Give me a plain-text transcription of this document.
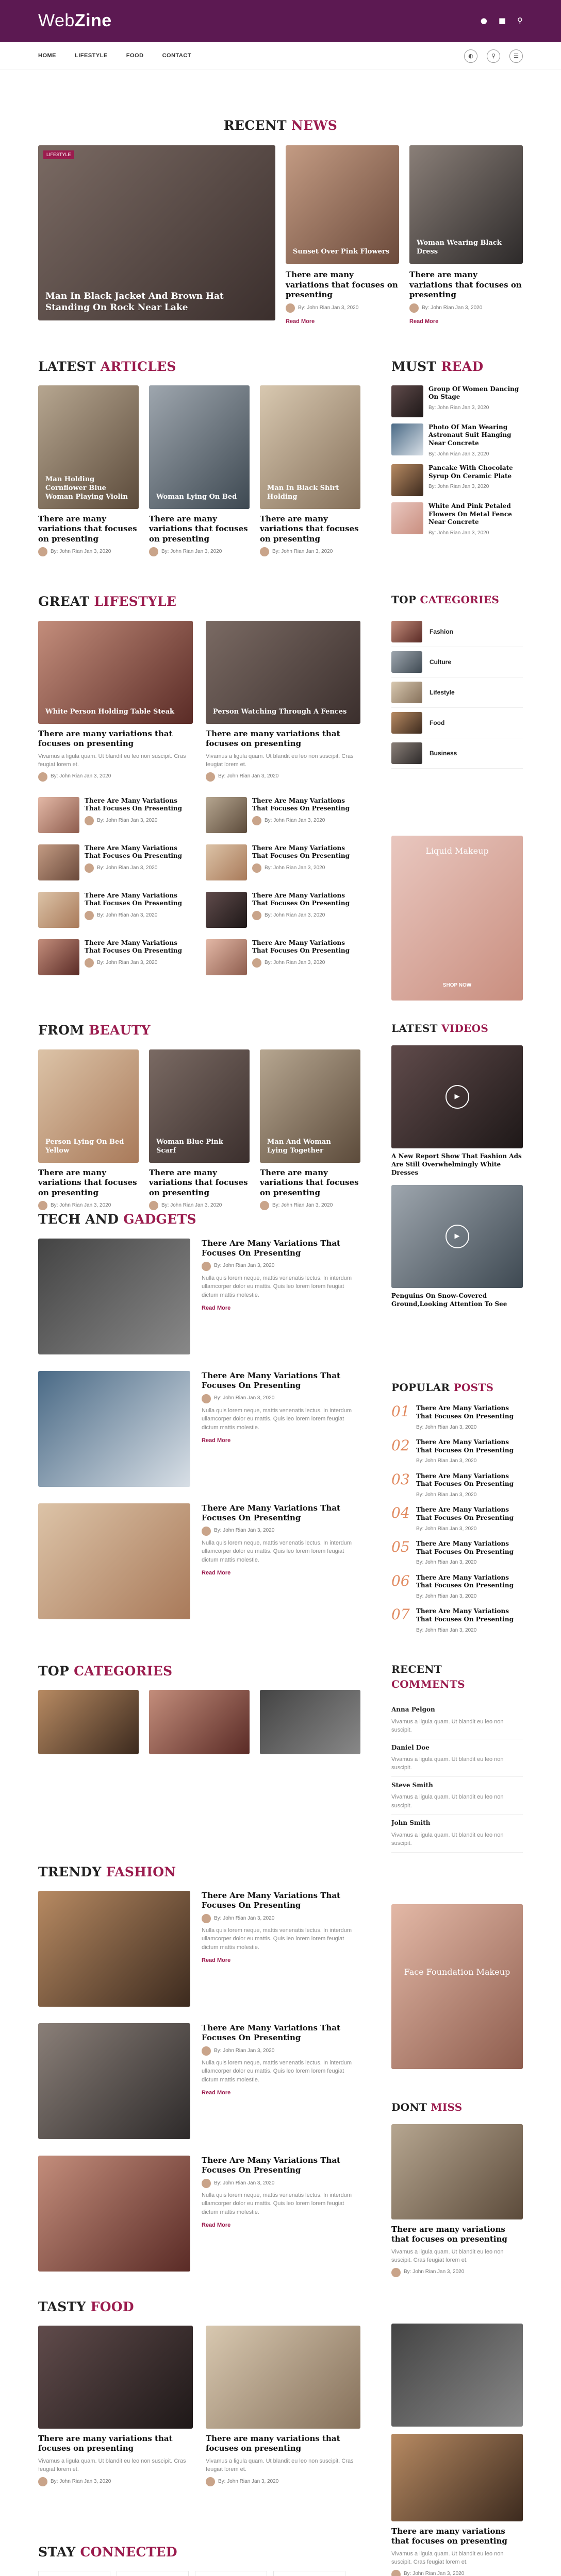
WebZine	● ■ ⚲
HOME	LIFESTYLE	FOOD	CONTACT	◐	⚲	☰
RECENT NEWS
LIFESTYLE
Man In Black Jacket And Brown Hat Standing On Rock Near Lake
Sunset Over Pink Flowers
There are many variations that focuses on presenting
By: John Rian Jan 3, 2020
Read More
Woman Wearing Black Dress
There are many variations that focuses on presenting
By: John Rian Jan 3, 2020
Read More
LATEST ARTICLES
Man Holding Cornflower Blue Woman Playing Violin
There are many variations that focuses on presenting
By: John Rian Jan 3, 2020
Woman Lying On Bed
There are many variations that focuses on presenting
By: John Rian Jan 3, 2020
Man In Black Shirt Holding
There are many variations that focuses on presenting
By: John Rian Jan 3, 2020
MUST READ
Group Of Women Dancing On Stage
By: John Rian Jan 3, 2020
Photo Of Man Wearing Astronaut Suit Hanging Near Concrete
By: John Rian Jan 3, 2020
Pancake With Chocolate Syrup On Ceramic Plate
By: John Rian Jan 3, 2020
White And Pink Petaled Flowers On Metal Fence Near Concrete
By: John Rian Jan 3, 2020
GREAT LIFESTYLE
White Person Holding Table Steak
There are many variations that focuses on presenting
Vivamus a ligula quam. Ut blandit eu leo non suscipit. Cras feugiat lorem et.
By: John Rian Jan 3, 2020
Person Watching Through A Fences
There are many variations that focuses on presenting
Vivamus a ligula quam. Ut blandit eu leo non suscipit. Cras feugiat lorem et.
By: John Rian Jan 3, 2020
There Are Many Variations That Focuses On Presenting
By: John Rian Jan 3, 2020
There Are Many Variations That Focuses On Presenting
By: John Rian Jan 3, 2020
There Are Many Variations That Focuses On Presenting
By: John Rian Jan 3, 2020
There Are Many Variations That Focuses On Presenting
By: John Rian Jan 3, 2020
There Are Many Variations That Focuses On Presenting
By: John Rian Jan 3, 2020
There Are Many Variations That Focuses On Presenting
By: John Rian Jan 3, 2020
There Are Many Variations That Focuses On Presenting
By: John Rian Jan 3, 2020
There Are Many Variations That Focuses On Presenting
By: John Rian Jan 3, 2020
TOP CATEGORIES
Fashion
Culture
Lifestyle
Food
Business
Liquid Makeup
SHOP NOW
FROM BEAUTY
Person Lying On Bed Yellow
There are many variations that focuses on presenting
By: John Rian Jan 3, 2020
Woman Blue Pink Scarf
There are many variations that focuses on presenting
By: John Rian Jan 3, 2020
Man And Woman Lying Together
There are many variations that focuses on presenting
By: John Rian Jan 3, 2020
LATEST VIDEOS
▶
A New Report Show That Fashion Ads Are Still Overwhelmingly White Dresses
▶
Penguins On Snow-Covered Ground,Looking Attention To See
TECH AND GADGETS
There Are Many Variations That Focuses On Presenting
By: John Rian Jan 3, 2020
Nulla quis lorem neque, mattis venenatis lectus. In interdum ullamcorper dolor eu mattis. Quis leo lorem lorem feugiat dictum mattis molestie.
Read More
There Are Many Variations That Focuses On Presenting
By: John Rian Jan 3, 2020
Nulla quis lorem neque, mattis venenatis lectus. In interdum ullamcorper dolor eu mattis. Quis leo lorem lorem feugiat dictum mattis molestie.
Read More
There Are Many Variations That Focuses On Presenting
By: John Rian Jan 3, 2020
Nulla quis lorem neque, mattis venenatis lectus. In interdum ullamcorper dolor eu mattis. Quis leo lorem lorem feugiat dictum mattis molestie.
Read More
POPULAR POSTS
01 There Are Many Variations That Focuses On Presenting
By: John Rian Jan 3, 2020
02 There Are Many Variations That Focuses On Presenting
By: John Rian Jan 3, 2020
03 There Are Many Variations That Focuses On Presenting
By: John Rian Jan 3, 2020
04 There Are Many Variations That Focuses On Presenting
By: John Rian Jan 3, 2020
05 There Are Many Variations That Focuses On Presenting
By: John Rian Jan 3, 2020
06 There Are Many Variations That Focuses On Presenting
By: John Rian Jan 3, 2020
07 There Are Many Variations That Focuses On Presenting
By: John Rian Jan 3, 2020
TOP CATEGORIES	RECENT
COMMENTS
Anna Pelgon
Vivamus a ligula quam. Ut blandit eu leo non suscipit.
Daniel Doe
Vivamus a ligula quam. Ut blandit eu leo non suscipit.
Steve Smith
Vivamus a ligula quam. Ut blandit eu leo non suscipit.
John Smith
Vivamus a ligula quam. Ut blandit eu leo non suscipit.
TRENDY FASHION
There Are Many Variations That Focuses On Presenting
By: John Rian Jan 3, 2020
Nulla quis lorem neque, mattis venenatis lectus. In interdum ullamcorper dolor eu mattis. Quis leo lorem lorem feugiat dictum mattis molestie.
Read More
There Are Many Variations That Focuses On Presenting
By: John Rian Jan 3, 2020
Nulla quis lorem neque, mattis venenatis lectus. In interdum ullamcorper dolor eu mattis. Quis leo lorem lorem feugiat dictum mattis molestie.
Read More
There Are Many Variations That Focuses On Presenting
By: John Rian Jan 3, 2020
Nulla quis lorem neque, mattis venenatis lectus. In interdum ullamcorper dolor eu mattis. Quis leo lorem lorem feugiat dictum mattis molestie.
Read More
Face Foundation Makeup
DONT MISS
There are many variations that focuses on presenting
Vivamus a ligula quam. Ut blandit eu leo non suscipit. Cras feugiat lorem et.
By: John Rian Jan 3, 2020
TASTY FOOD
There are many variations that focuses on presenting
Vivamus a ligula quam. Ut blandit eu leo non suscipit. Cras feugiat lorem et.
By: John Rian Jan 3, 2020
There are many variations that focuses on presenting
Vivamus a ligula quam. Ut blandit eu leo non suscipit. Cras feugiat lorem et.
By: John Rian Jan 3, 2020
There are many variations that focuses on presenting
Vivamus a ligula quam. Ut blandit eu leo non suscipit. Cras feugiat lorem et.
By: John Rian Jan 3, 2020
STAY CONNECTED
